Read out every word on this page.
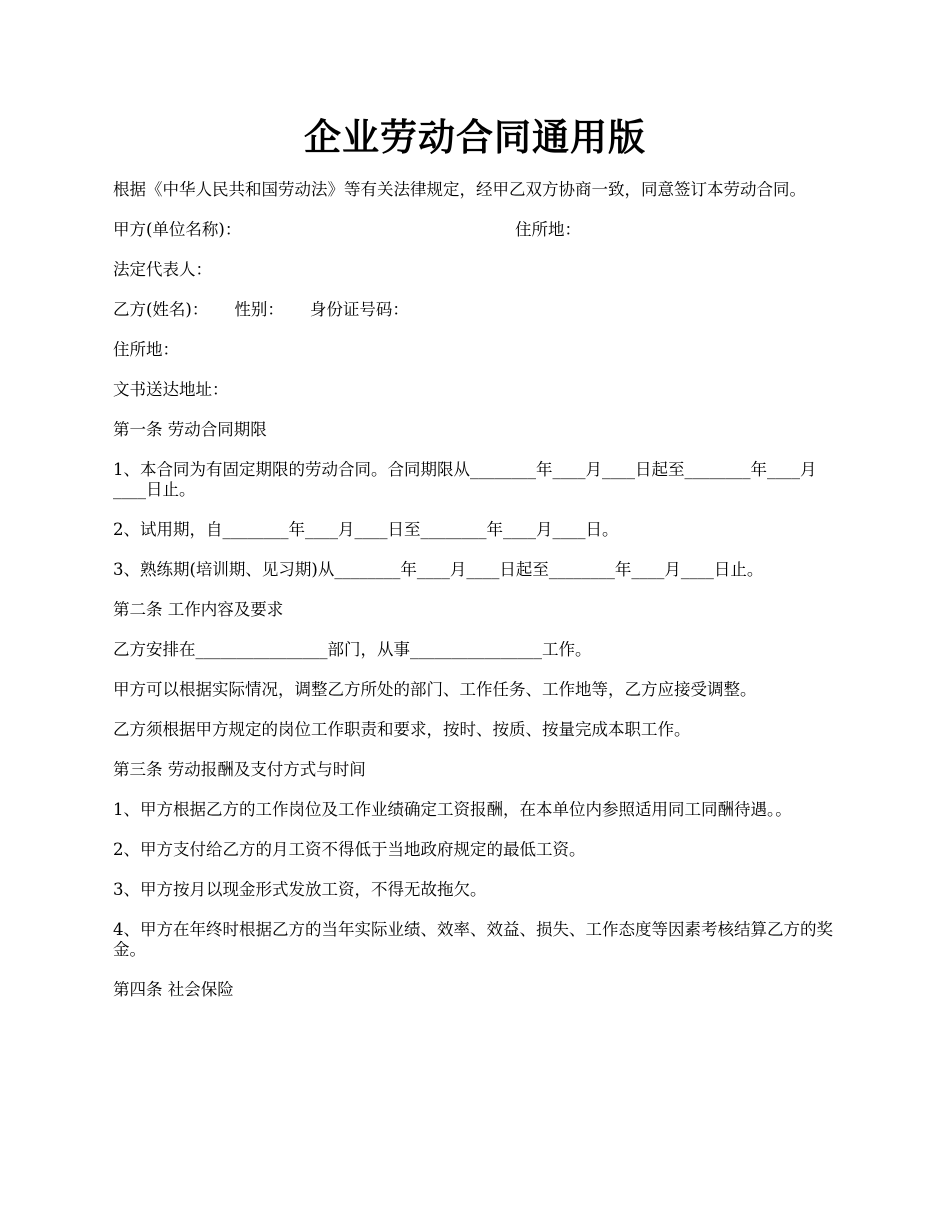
企业劳动合同通用版

根据《中华人民共和国劳动法》等有关法律规定，经甲乙双方协商一致，同意签订本劳动合同。

甲方(单位名称)：	住所地：

法定代表人：

乙方(姓名)： 性别： 身份证号码：

住所地：

文书送达地址：

第一条 劳动合同期限

1、本合同为有固定期限的劳动合同。合同期限从________年____月____日起至________年____月____日止。

2、试用期，自________年____月____日至________年____月____日。

3、熟练期(培训期、见习期)从________年____月____日起至________年____月____日止。

第二条 工作内容及要求

乙方安排在________________部门，从事________________工作。

甲方可以根据实际情况，调整乙方所处的部门、工作任务、工作地等，乙方应接受调整。

乙方须根据甲方规定的岗位工作职责和要求，按时、按质、按量完成本职工作。

第三条 劳动报酬及支付方式与时间

1、甲方根据乙方的工作岗位及工作业绩确定工资报酬，在本单位内参照适用同工同酬待遇。。

2、甲方支付给乙方的月工资不得低于当地政府规定的最低工资。

3、甲方按月以现金形式发放工资，不得无故拖欠。

4、甲方在年终时根据乙方的当年实际业绩、效率、效益、损失、工作态度等因素考核结算乙方的奖金。

第四条 社会保险
